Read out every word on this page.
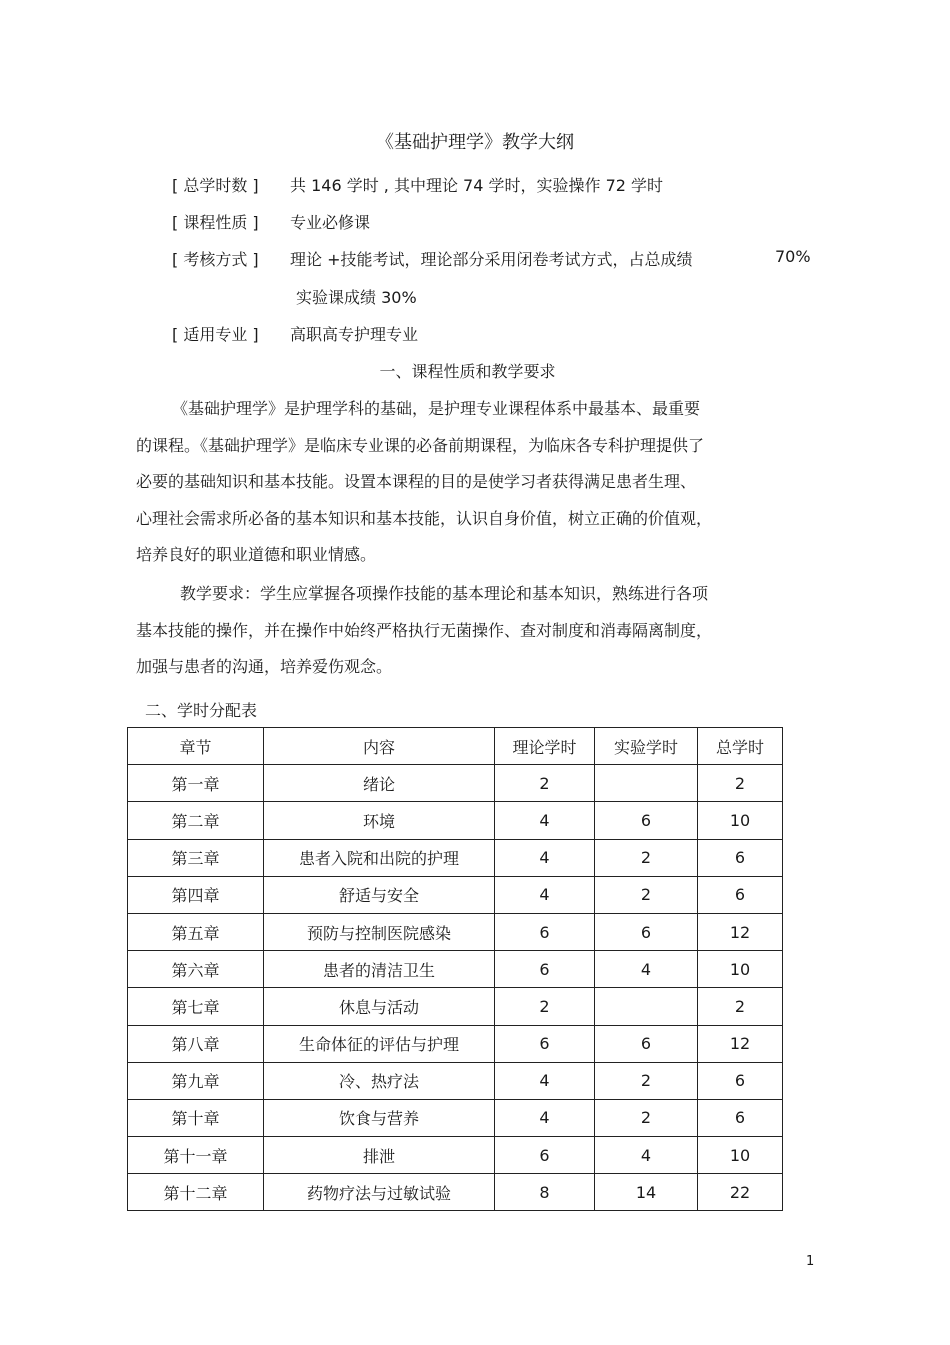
《基础护理学》教学大纲
[ 总学时数 ] 共 146 学时 , 其中理论 74 学时，实验操作 72 学时
[ 课程性质 ] 专业必修课
[ 考核方式 ] 理论 +技能考试，理论部分采用闭卷考试方式，占总成绩	70%
实验课成绩 30%
[ 适用专业 ] 高职高专护理专业
一、课程性质和教学要求

《基础护理学》是护理学科的基础，是护理专业课程体系中最基本、最重要

的课程。《基础护理学》是临床专业课的必备前期课程，为临床各专科护理提供了

必要的基础知识和基本技能。设置本课程的目的是使学习者获得满足患者生理、

心理社会需求所必备的基本知识和基本技能，认识自身价值，树立正确的价值观，

培养良好的职业道德和职业情感。

教学要求：学生应掌握各项操作技能的基本理论和基本知识，熟练进行各项

基本技能的操作，并在操作中始终严格执行无菌操作、查对制度和消毒隔离制度，

加强与患者的沟通，培养爱伤观念。

二、学时分配表
章节	内容	理论学时	实验学时	总学时
第一章	绪论	2		2
第二章	环境	4	6	10
第三章	患者入院和出院的护理	4	2	6
第四章	舒适与安全	4	2	6
第五章	预防与控制医院感染	6	6	12
第六章	患者的清洁卫生	6	4	10
第七章	休息与活动	2		2
第八章	生命体征的评估与护理	6	6	12
第九章	冷、热疗法	4	2	6
第十章	饮食与营养	4	2	6
第十一章	排泄	6	4	10
第十二章	药物疗法与过敏试验	8	14	22
1
